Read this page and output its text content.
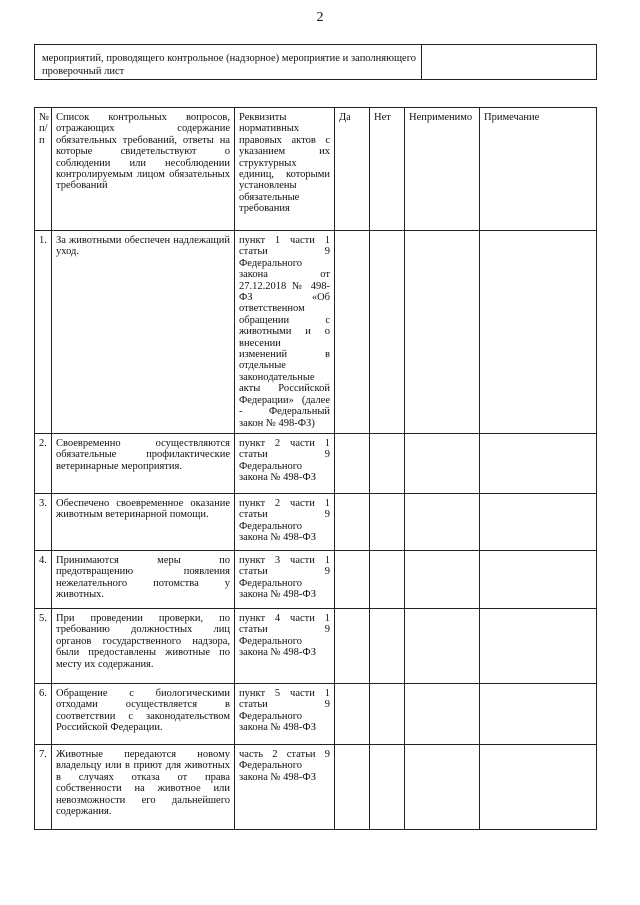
2
мероприятий, проводящего контрольное (надзорное) мероприятие и заполняющего проверочный лист
№ п/п	Список контрольных вопросов, отражающих содержание обязательных требований, ответы на которые свидетельствуют о соблюдении или несоблюдении контролируемым лицом обязательных требований	Реквизиты нормативных правовых актов с указанием их структурных единиц, которыми установлены обязательные требования	Да	Нет	Неприменимо	Примечание
1.	За животными обеспечен надлежащий уход.	пункт 1 части 1 статьи 9 Федерального закона от 27.12.2018 № 498-ФЗ «Об ответственном обращении с животными и о внесении изменений в отдельные законодательные акты Российской Федерации» (далее - Федеральный закон № 498-ФЗ)				
2.	Своевременно осуществляются обязательные профилактические ветеринарные мероприятия.	пункт 2 части 1 статьи 9 Федерального закона № 498-ФЗ				
3.	Обеспечено своевременное оказание животным ветеринарной помощи.	пункт 2 части 1 статьи 9 Федерального закона № 498-ФЗ				
4.	Принимаются меры по предотвращению появления нежелательного потомства у животных.	пункт 3 части 1 статьи 9 Федерального закона № 498-ФЗ				
5.	При проведении проверки, по требованию должностных лиц органов государственного надзора, были предоставлены животные по месту их содержания.	пункт 4 части 1 статьи 9 Федерального закона № 498-ФЗ				
6.	Обращение с биологическими отходами осуществляется в соответствии с законодательством Российской Федерации.	пункт 5 части 1 статьи 9 Федерального закона № 498-ФЗ				
7.	Животные передаются новому владельцу или в приют для животных в случаях отказа от права собственности на животное или невозможности его дальнейшего содержания.	часть 2 статьи 9 Федерального закона № 498-ФЗ				
